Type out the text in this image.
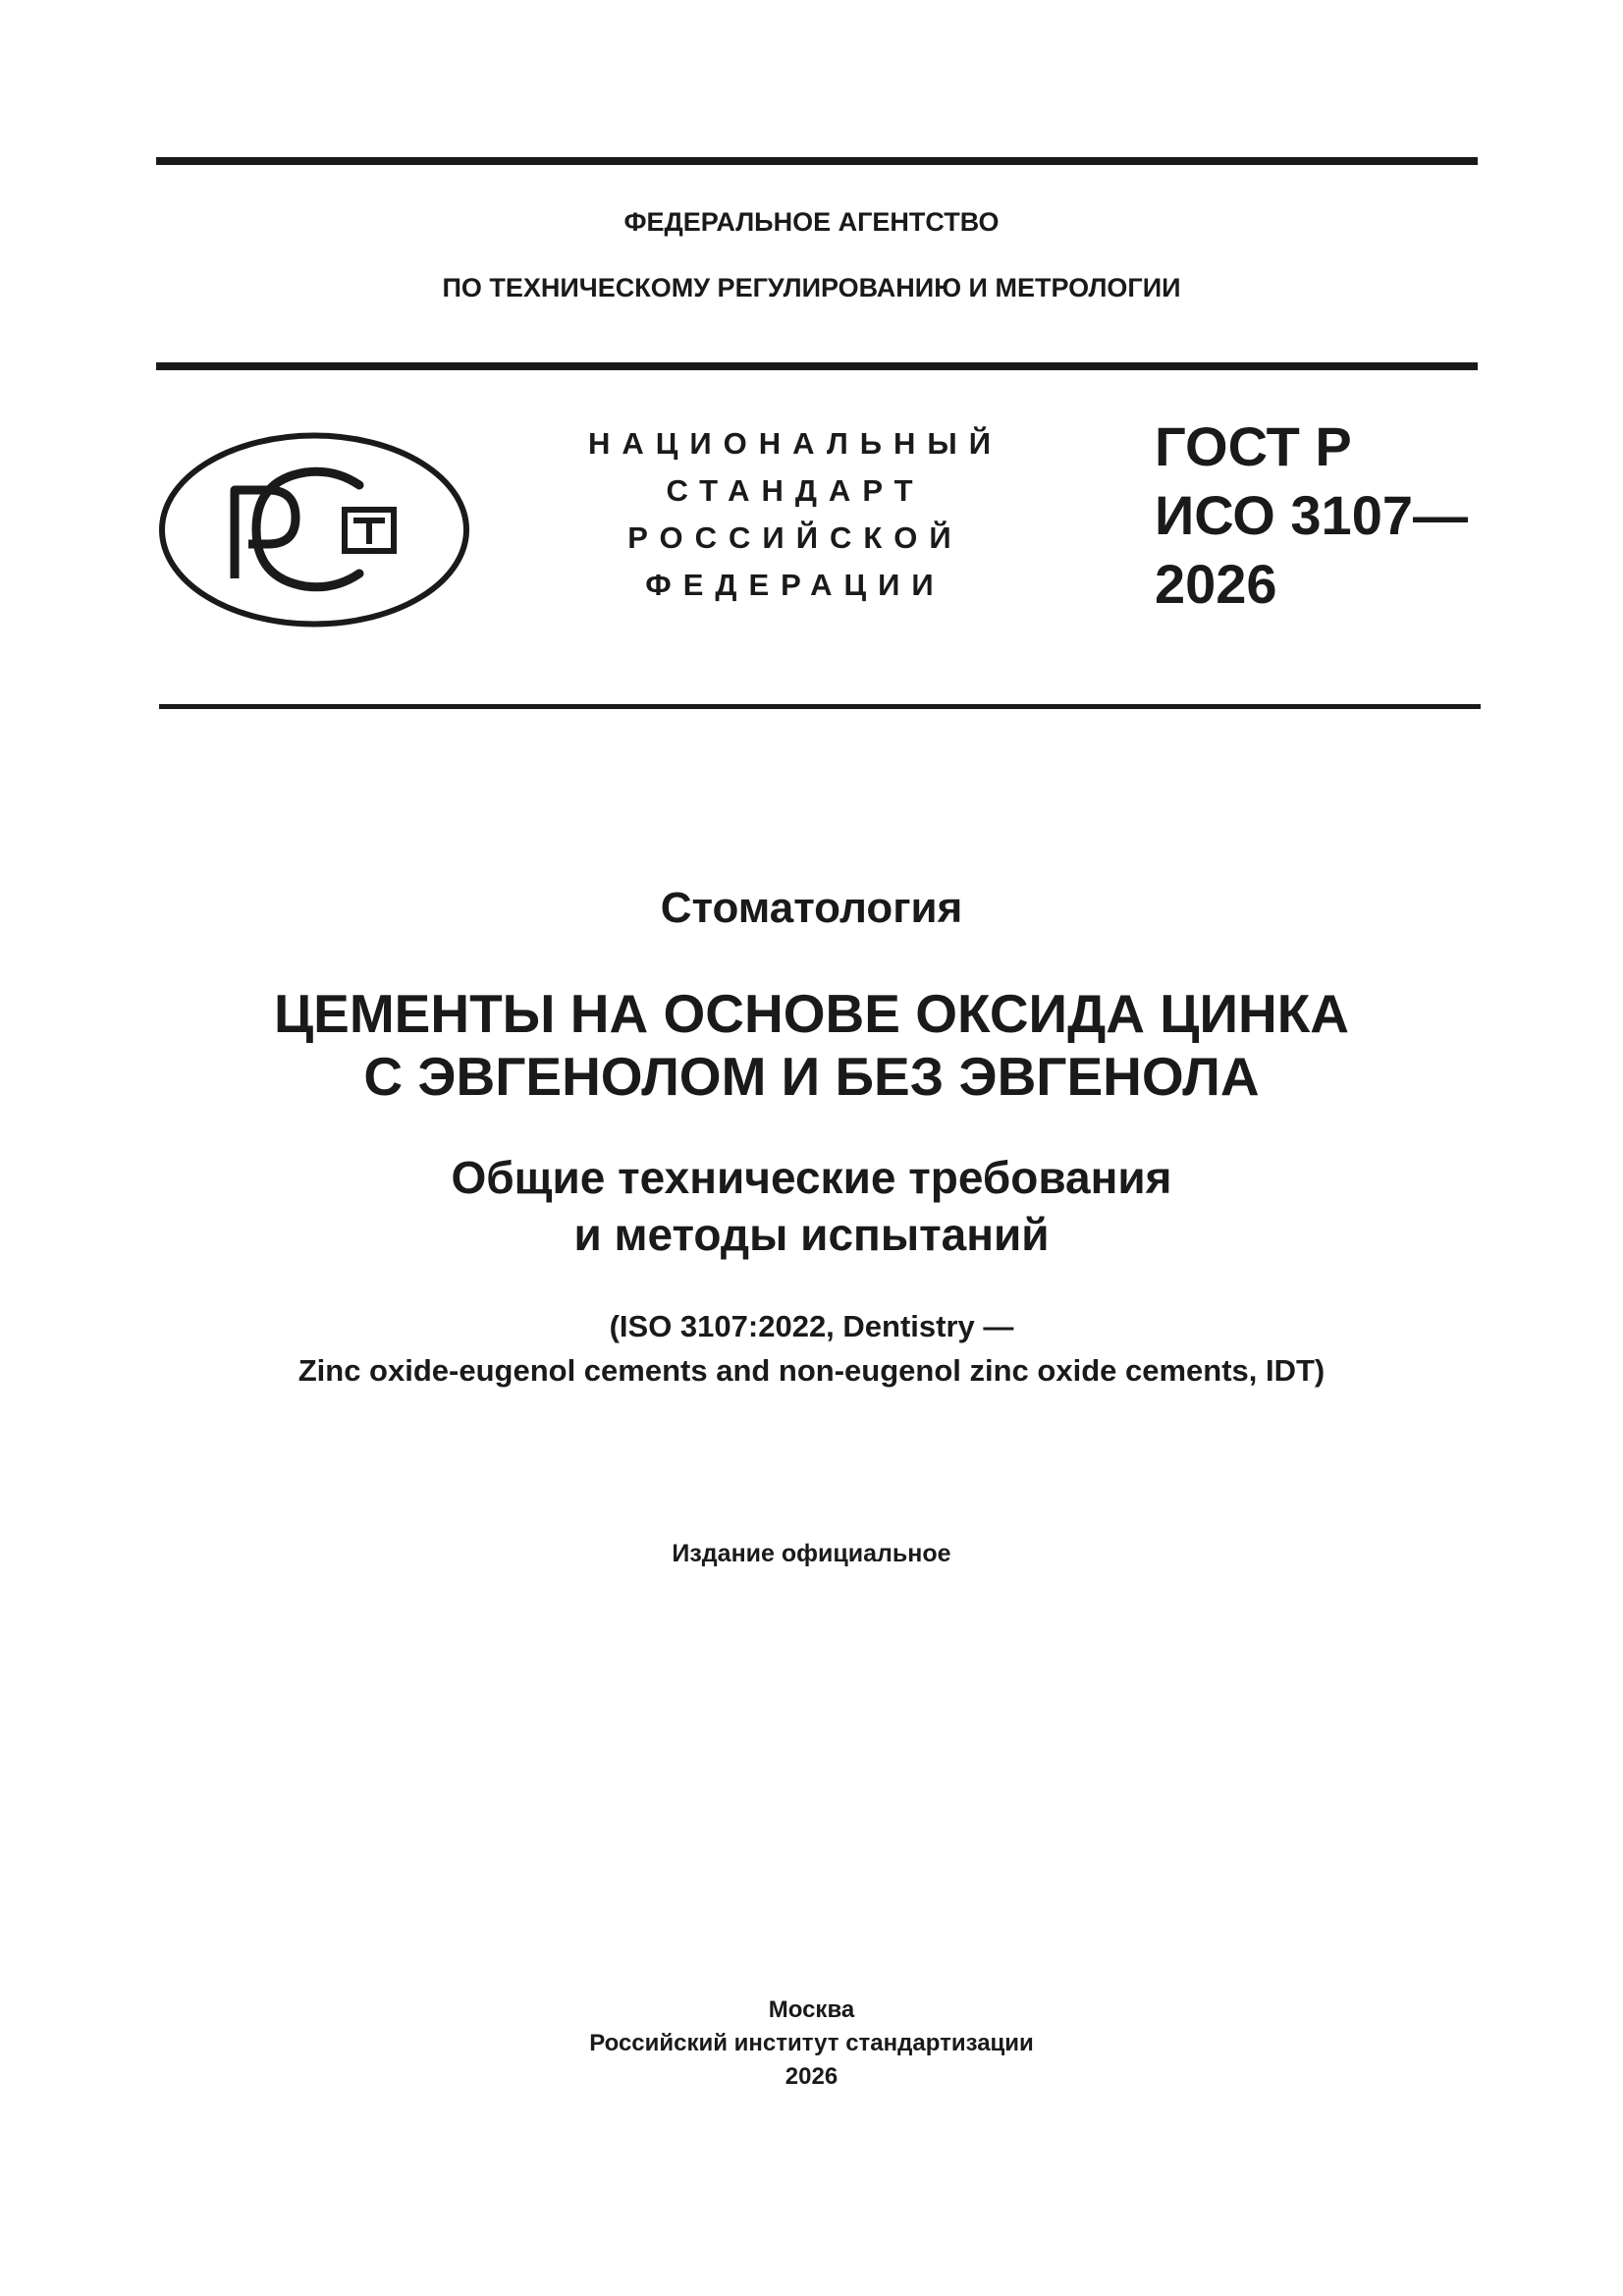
ФЕДЕРАЛЬНОЕ АГЕНТСТВО
ПО ТЕХНИЧЕСКОМУ РЕГУЛИРОВАНИЮ И МЕТРОЛОГИИ
НАЦИОНАЛЬНЫЙ
СТАНДАРТ
РОССИЙСКОЙ
ФЕДЕРАЦИИ
ГОСТ Р
ИСО 3107—
2026
Стоматология
ЦЕМЕНТЫ НА ОСНОВЕ ОКСИДА ЦИНКА
С ЭВГЕНОЛОМ И БЕЗ ЭВГЕНОЛА
Общие технические требования
и методы испытаний
(ISO 3107:2022, Dentistry —
Zinc oxide-eugenol cements and non-eugenol zinc oxide cements, IDT)
Издание официальное
Москва
Российский институт стандартизации
2026
